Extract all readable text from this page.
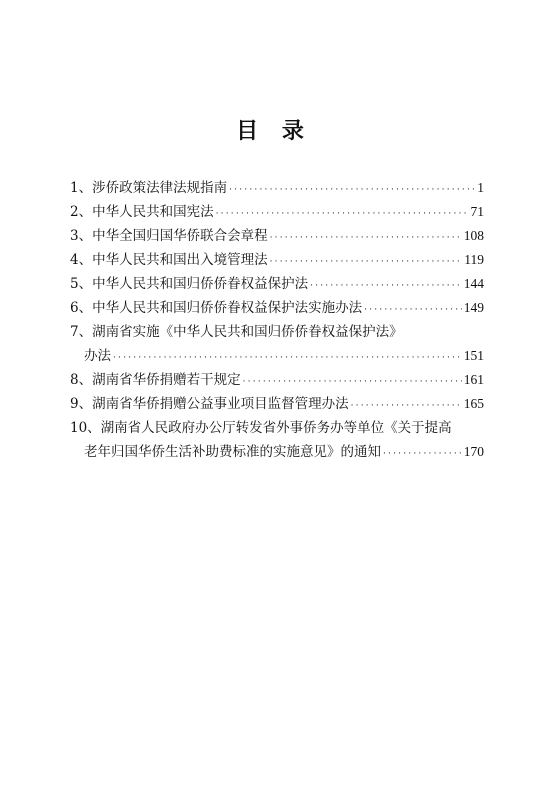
目 录
1、 涉侨政策法律法规指南 ·····	1
2、 中华人民共和国宪法 ·····	71
3、 中华全国归国华侨联合会章程 ·····	108
4、 中华人民共和国出入境管理法 ·····	119
5、 中华人民共和国归侨侨眷权益保护法 ·····	144
6、 中华人民共和国归侨侨眷权益保护法实施办法 ·····	149
7、 湖南省实施《中华人民共和国归侨侨眷权益保护法》
办法 ·····	151
8、 湖南省华侨捐赠若干规定 ·····	161
9、 湖南省华侨捐赠公益事业项目监督管理办法 ·····	165
10、 湖南省人民政府办公厅转发省外事侨务办等单位《关于提高
老年归国华侨生活补助费标准的实施意见》的通知 ·····	170
